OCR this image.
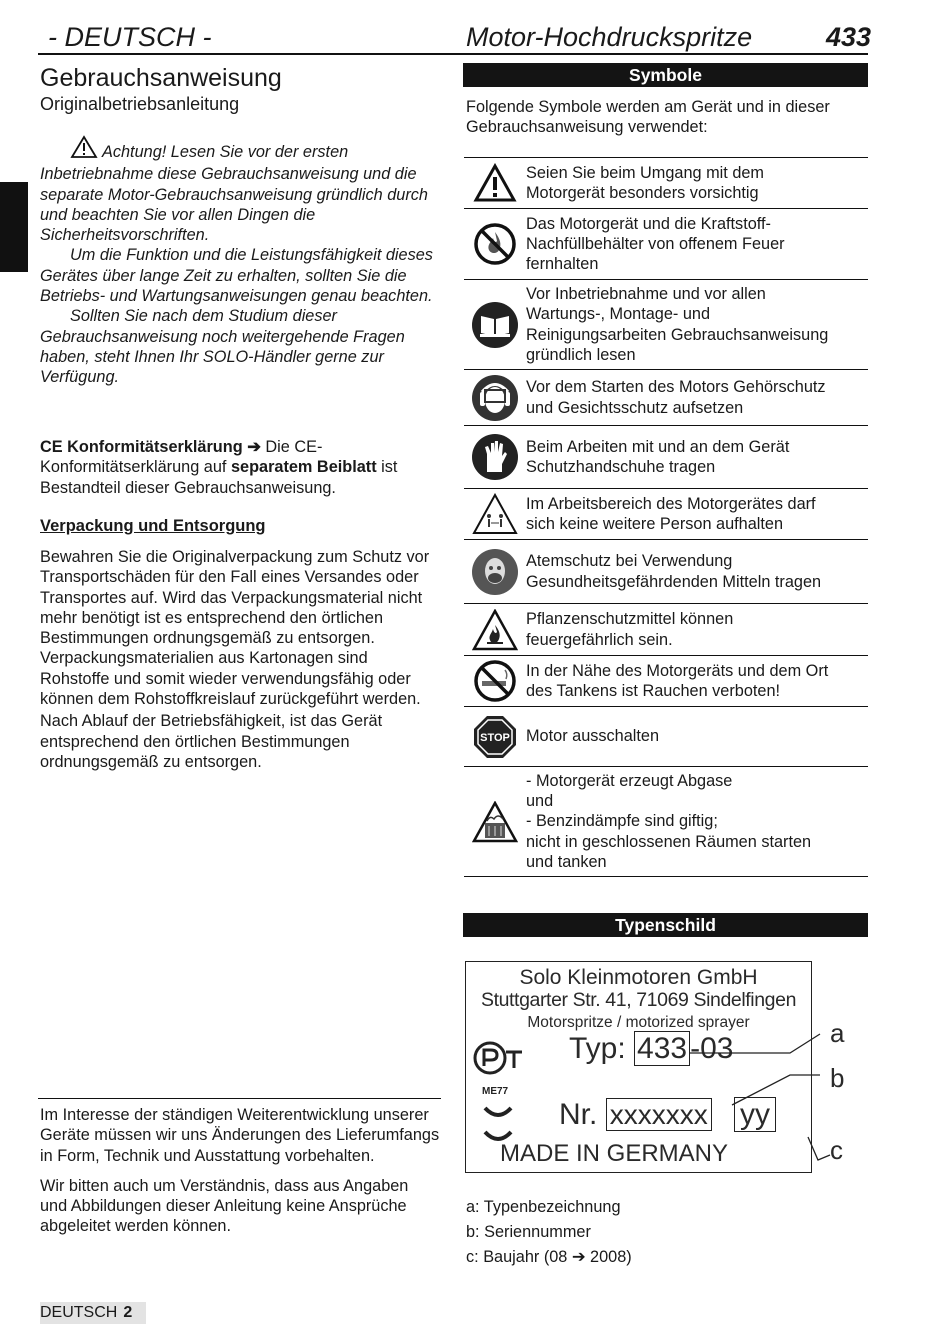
- DEUTSCH -	Motor-Hochdruckspritze	433
Gebrauchsanweisung
Originalbetriebsanleitung

Achtung! Lesen Sie vor der ersten Inbetriebnahme diese Gebrauchsanweisung und die separate Motor-Gebrauchsanweisung gründlich durch und beachten Sie vor allen Dingen die Sicherheitsvorschriften.

Um die Funktion und die Leistungsfähigkeit dieses Gerätes über lange Zeit zu erhalten, sollten Sie die Betriebs- und Wartungsanweisungen genau beachten.

Sollten Sie nach dem Studium dieser Gebrauchsanweisung noch weitergehende Fragen haben, steht Ihnen Ihr SOLO-Händler gerne zur Verfügung.

CE Konformitätserklärung ➔ Die CE-Konformitätserklärung auf separatem Beiblatt ist Bestandteil dieser Gebrauchsanweisung.
Verpackung und Entsorgung

Bewahren Sie die Originalverpackung zum Schutz vor Transportschäden für den Fall eines Versandes oder Transportes auf. Wird das Verpackungsmaterial nicht mehr benötigt ist es entsprechend den örtlichen Bestimmungen ordnungsgemäß zu entsorgen. Verpackungsmaterialien aus Kartonagen sind Rohstoffe und somit wieder verwendungsfähig oder können dem Rohstoffkreislauf zurückgeführt werden.

Nach Ablauf der Betriebsfähigkeit, ist das Gerät entsprechend den örtlichen Bestimmungen ordnungsgemäß zu entsorgen.

Im Interesse der ständigen Weiterentwicklung unserer Geräte müssen wir uns Änderungen des Lieferumfangs in Form, Technik und Ausstattung vorbehalten.

Wir bitten auch um Verständnis, dass aus Angaben und Abbildungen dieser Anleitung keine Ansprüche abgeleitet werden können.

DEUTSCH 2
Symbole
Folgende Symbole werden am Gerät und in dieser Gebrauchsanweisung verwendet:
Seien Sie beim Umgang mit dem
Motorgerät besonders vorsichtig
Das Motorgerät und die Kraftstoff-
Nachfüllbehälter von offenem Feuer
fernhalten
Vor Inbetriebnahme und vor allen
Wartungs-, Montage- und
Reinigungsarbeiten Gebrauchsanweisung
gründlich lesen
Vor dem Starten des Motors Gehörschutz
und Gesichtsschutz aufsetzen
Beim Arbeiten mit und an dem Gerät
Schutzhandschuhe tragen
Im Arbeitsbereich des Motorgerätes darf
sich keine weitere Person aufhalten
Atemschutz bei Verwendung
Gesundheitsgefährdenden Mitteln tragen
Pflanzenschutzmittel können
feuergefährlich sein.
In der Nähe des Motorgeräts und dem Ort
des Tankens ist Rauchen verboten!
STOP Motor ausschalten
- Motorgerät erzeugt Abgase
und
- Benzindämpfe sind giftig;
nicht in geschlossenen Räumen starten
und tanken
Typenschild
Solo Kleinmotoren GmbH
Stuttgarter Str. 41, 71069 Sindelfingen
Motorspritze / motorized sprayer
ME77
Typ: 433 -03
Nr. xxxxxxx yy
MADE IN GERMANY
a
b
c
a: Typenbezeichnung
b: Seriennummer
c: Baujahr (08 ➔ 2008)
